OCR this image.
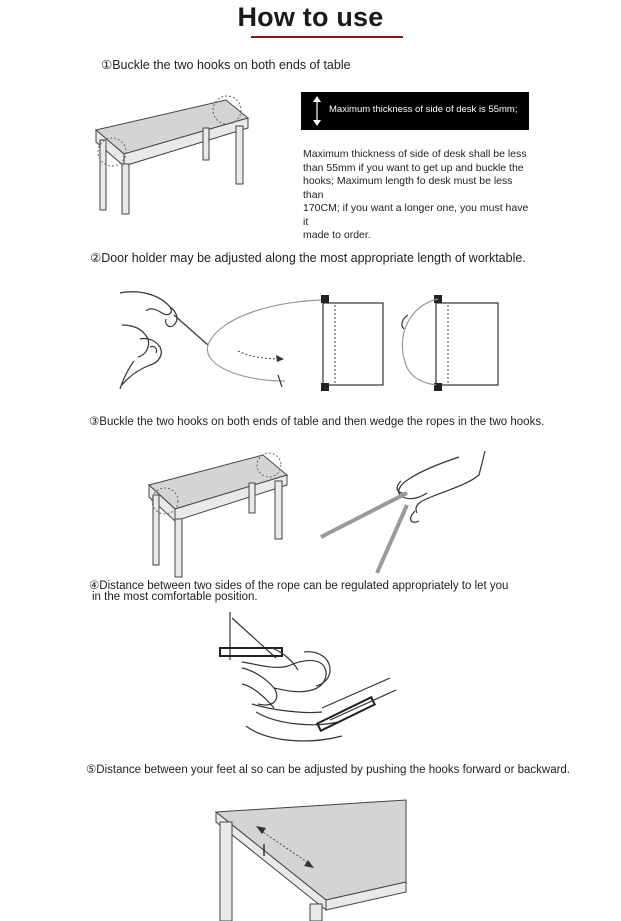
How to use
①Buckle the two hooks on both ends of table
Maximum thickness of side of desk is 55mm;
Maximum thickness of side of desk shall be less
than 55mm if you want to get up and buckle the
hooks; Maximum length fo desk must be less than
170CM; if you want a longer one, you must have it
made to order.
②Door holder may be adjusted along the most appropriate length of worktable.
③Buckle the two hooks on both ends of table and then wedge the ropes in the two hooks.
④Distance between two sides of the rope can be regulated appropriately to let you
in the most comfortable position.
⑤Distance between your feet al so can be adjusted by pushing the hooks forward or backward.
